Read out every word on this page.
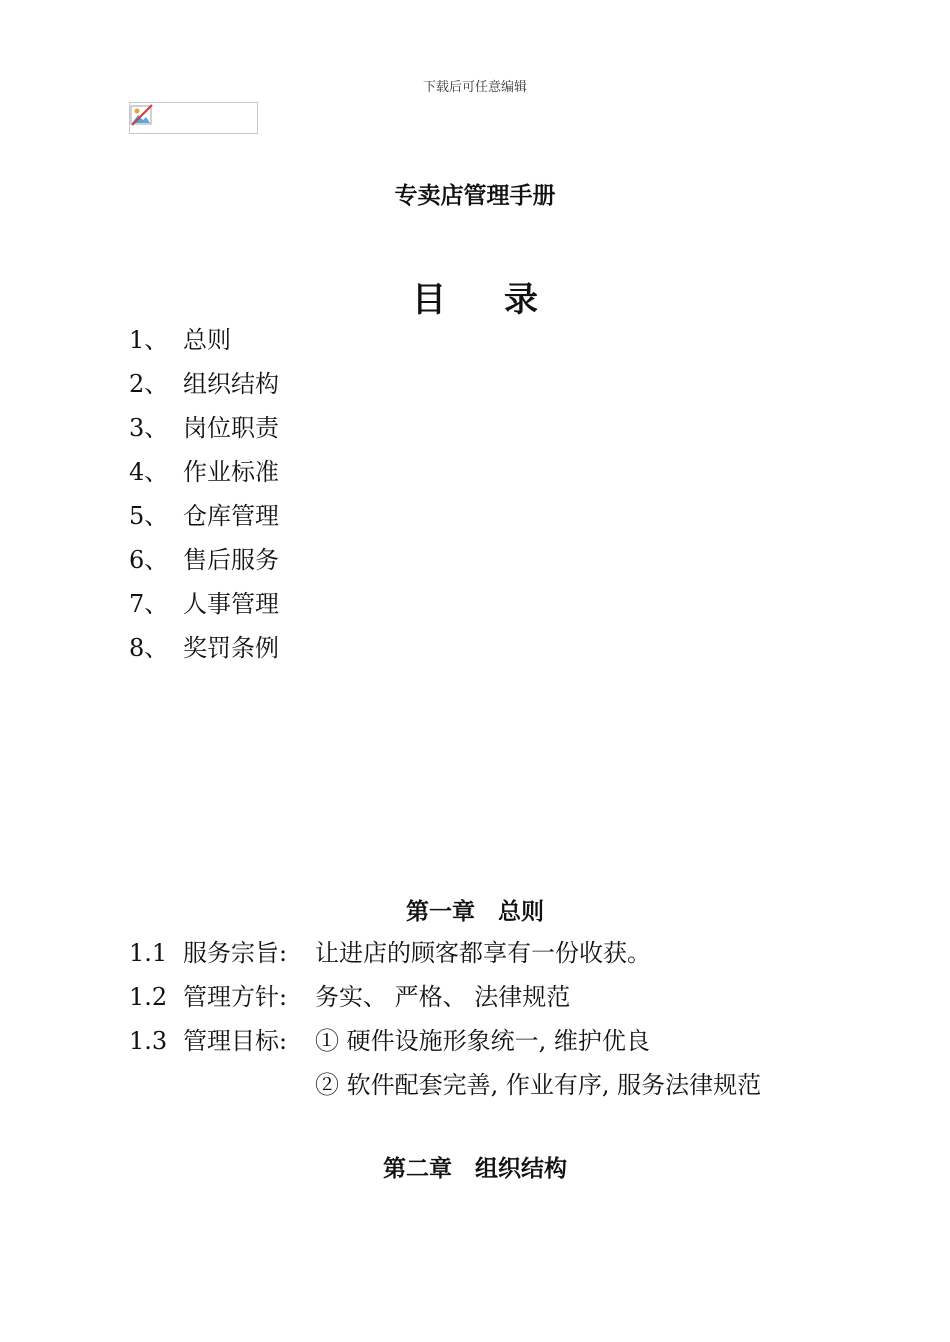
下载后可任意编辑
专卖店管理手册
目录
1、 总则
2、 组织结构
3、 岗位职责
4、 作业标准
5、 仓库管理
6、 售后服务
7、 人事管理
8、 奖罚条例
第一章　总则
1.1 服务宗旨:	让进店的顾客都享有一份收获。
1.2 管理方针:	务实、 严格、 法律规范
1.3 管理目标:	① 硬件设施形象统一, 维护优良
② 软件配套完善, 作业有序, 服务法律规范
第二章　组织结构
